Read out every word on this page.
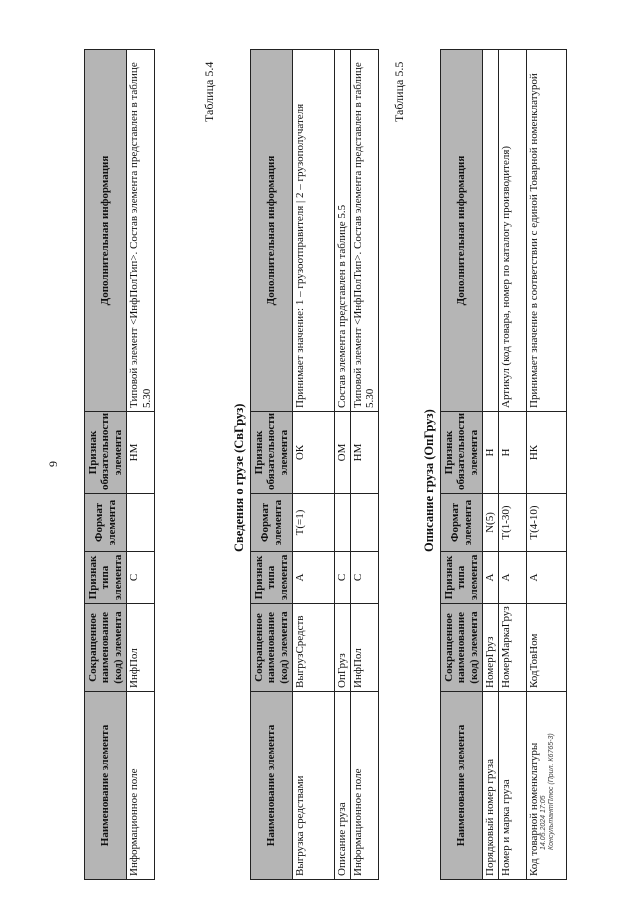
9
Наименование элемента	Сокращенное наименование (код) элемента	Признак типа элемента	Формат элемента	Признак обязательности элемента	Дополнительная информация
Информационное поле	ИнфПол	С		НМ	Типовой элемент <ИнфПолТип>. Состав элемента представлен в таблице 5.30
Таблица 5.4
Сведения о грузе (СвГруз)
Наименование элемента	Сокращенное наименование (код) элемента	Признак типа элемента	Формат элемента	Признак обязательности элемента	Дополнительная информация
Выгрузка средствами	ВыгрузСредств	А	Т(=1)	ОК	Принимает значение: 1 – грузоотправителя | 2 – грузополучателя
Описание груза	ОпГруз	С		ОМ	Состав элемента представлен в таблице 5.5
Информационное поле	ИнфПол	С		НМ	Типовой элемент <ИнфПолТип>. Состав элемента представлен в таблице 5.30
Таблица 5.5
Описание груза (ОпГруз)
Наименование элемента	Сокращенное наименование (код) элемента	Признак типа элемента	Формат элемента	Признак обязательности элемента	Дополнительная информация
Порядковый номер груза	НомерГруз	А	N(5)	Н	
Номер и марка груза	НомерМаркаГруз	А	Т(1-30)	Н	Артикул (код товара, номер по каталогу производителя)
Код товарной номенклатуры	КодТовНом	А	Т(4-10)	НК	Принимает значение в соответствии с единой Товарной номенклатурой
14.05.2024 17:05 КонсультантПлюс (Прил. К6765-3)
